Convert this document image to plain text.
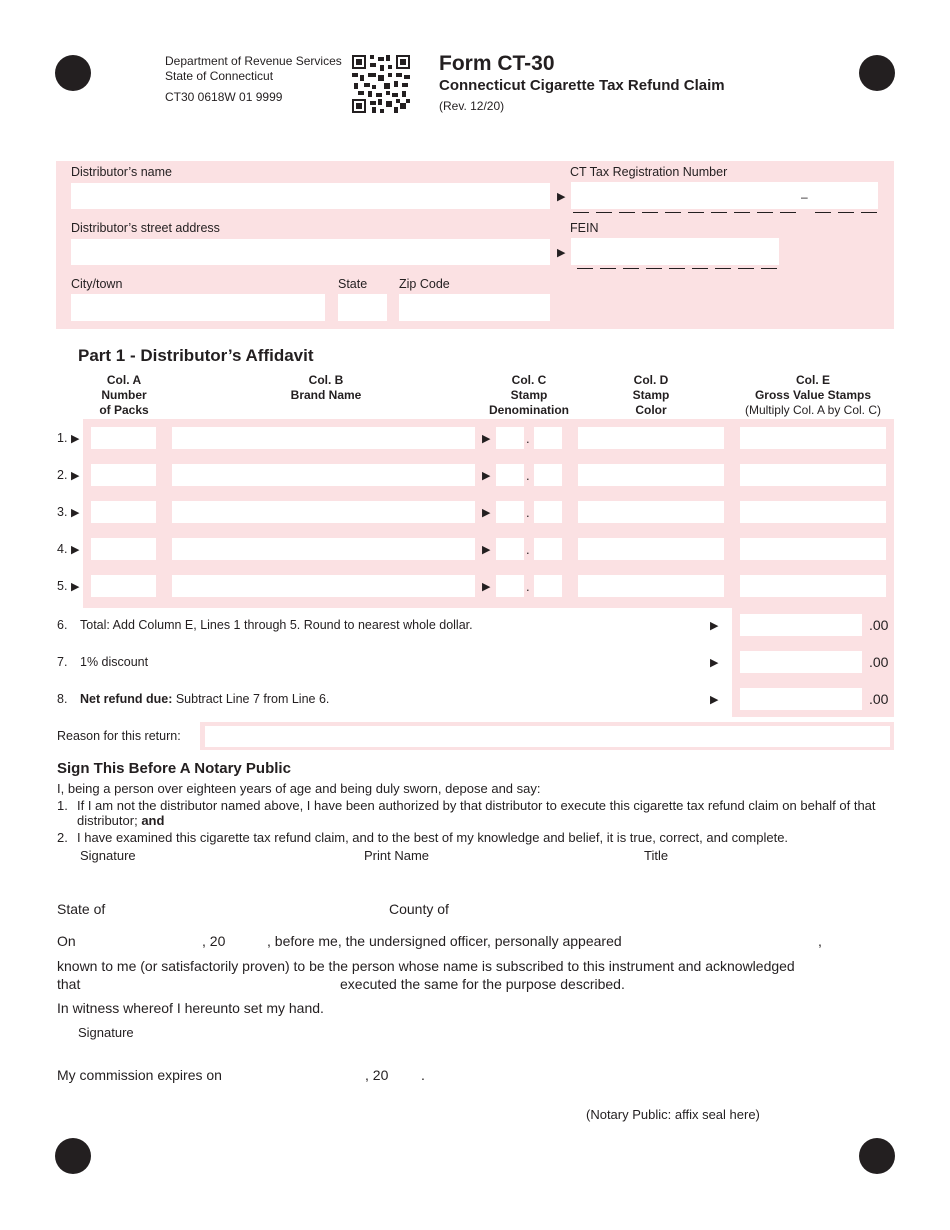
Department of Revenue Services
State of Connecticut
CT30 0618W 01 9999
Form CT-30
Connecticut Cigarette Tax Refund Claim
(Rev. 12/20)
Distributor’s name
▶
CT Tax Registration Number
–
Distributor’s street address
▶
FEIN
City/town	State	Zip Code
Part 1 - Distributor’s Affidavit
Col. A
Number
of Packs
Col. B
Brand Name
Col. C
Stamp
Denomination
Col. D
Stamp
Color
Col. E
Gross Value Stamps
(Multiply Col. A by Col. C)
1. ▶	▶	.
2. ▶	▶	.
3. ▶	▶	.
4. ▶	▶	.
5. ▶	▶	.
6. Total: Add Column E, Lines 1 through 5. Round to nearest whole dollar.	▶	.00
7. 1% discount	▶	.00
8. Net refund due: Subtract Line 7 from Line 6.	▶	.00
Reason for this return:
Sign This Before A Notary Public
I, being a person over eighteen years of age and being duly sworn, depose and say:
1. If I am not the distributor named above, I have been authorized by that distributor to execute this cigarette tax refund claim on behalf of that
distributor; and
2. I have examined this cigarette tax refund claim, and to the best of my knowledge and belief, it is true, correct, and complete.
Signature	Print Name	Title
State of	County of
On	, 20	, before me, the undersigned officer, personally appeared	,
known to me (or satisfactorily proven) to be the person whose name is subscribed to this instrument and acknowledged
that	executed the same for the purpose described.
In witness whereof I hereunto set my hand.
Signature
My commission expires on	, 20 .
(Notary Public: affix seal here)
